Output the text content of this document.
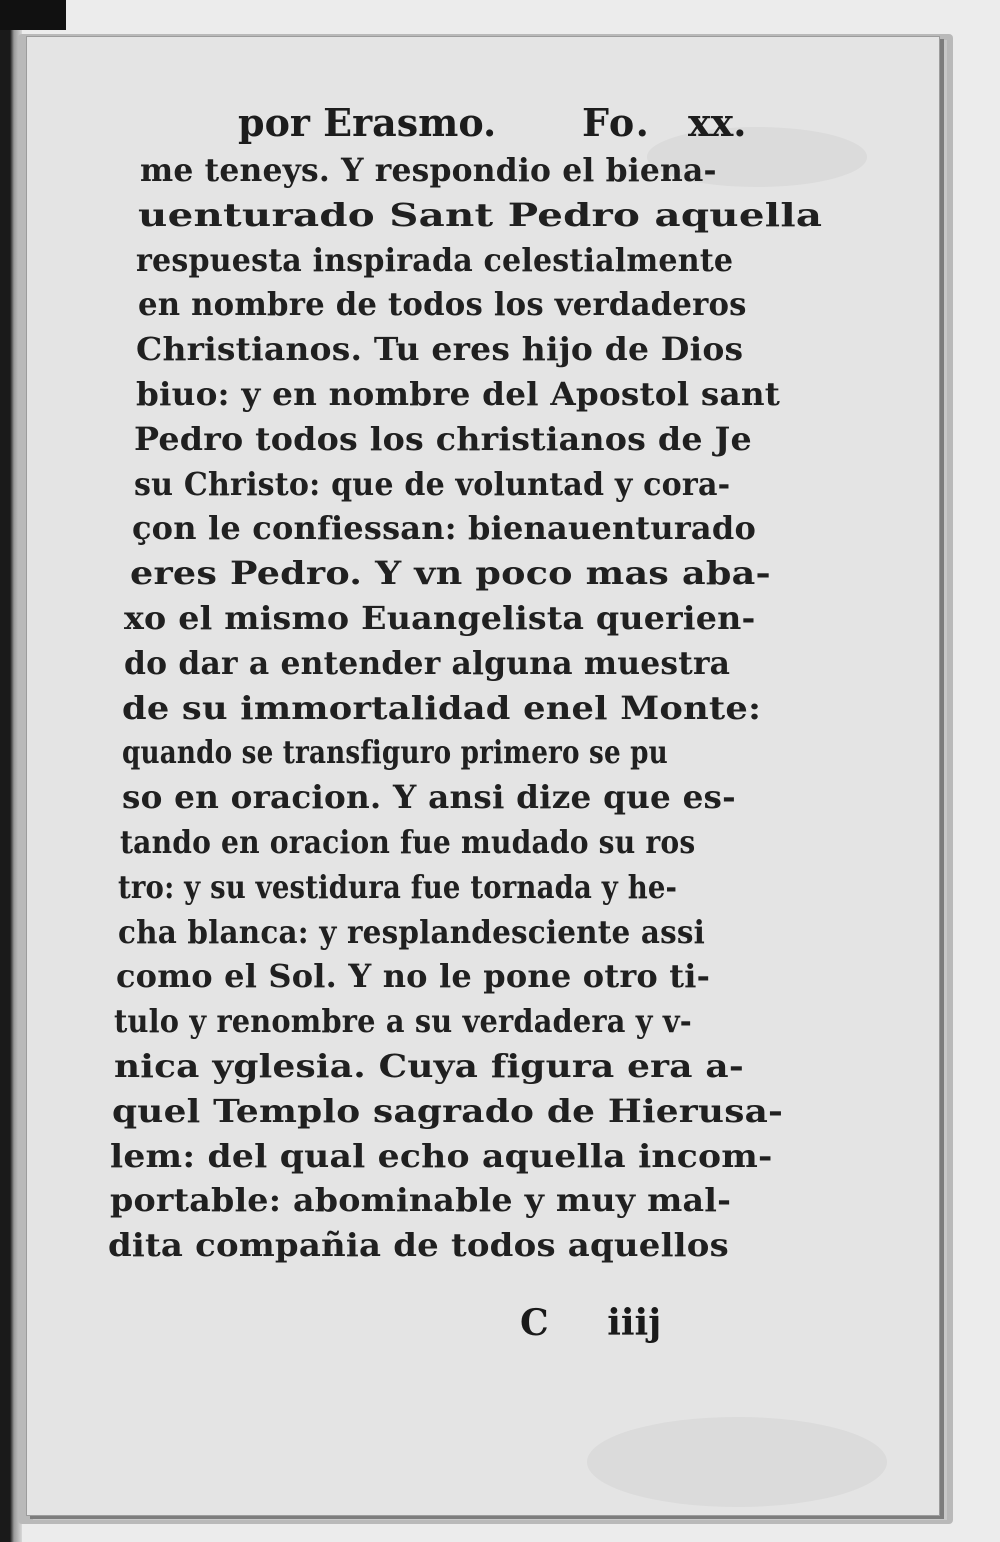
por Erasmo. Fo. xx.
me teneys. Y respondio el biena-
uenturado Sant Pedro aquella
respuesta inspirada celestialmente
en nombre de todos los verdaderos
Christianos. Tu eres hijo de Dios
biuo: y en nombre del Apostol sant
Pedro todos los christianos de Je
su Christo: que de voluntad y cora-
çon le confiessan: bienauenturado
eres Pedro. Y vn poco mas aba-
xo el mismo Euangelista querien-
do dar a entender alguna muestra
de su immortalidad enel Monte:
quando se transfiguro primero se pu
so en oracion. Y ansi dize que es-
tando en oracion fue mudado su ros
tro: y su vestidura fue tornada y he-
cha blanca: y resplandesciente assi
como el Sol. Y no le pone otro ti-
tulo y renombre a su verdadera y v-
nica yglesia. Cuya figura era a-
quel Templo sagrado de Hierusa-
lem: del qual echo aquella incom-
portable: abominable y muy mal-
dita compañia de todos aquellos
C iiij
